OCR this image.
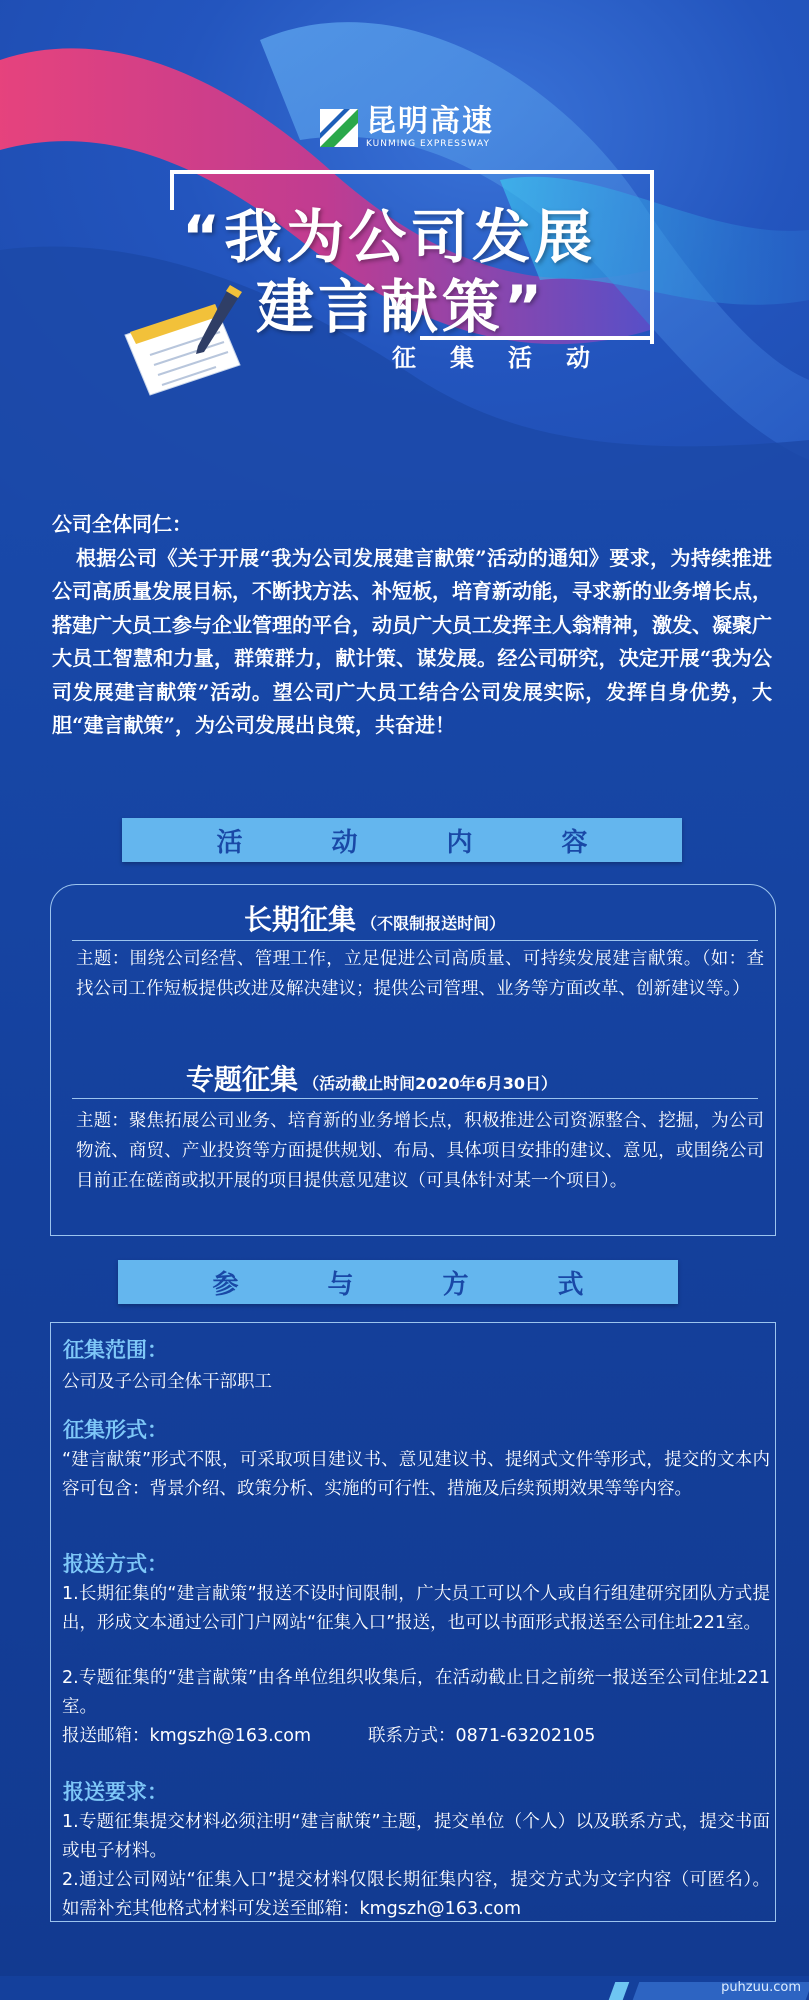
昆明高速
KUNMING EXPRESSWAY
“我为公司发展
建言献策”
征集活动

公司全体同仁：

根据公司《关于开展“我为公司发展建言献策”活动的通知》要求，为持续推进公司高质量发展目标，不断找方法、补短板，培育新动能，寻求新的业务增长点，搭建广大员工参与企业管理的平台，动员广大员工发挥主人翁精神，激发、凝聚广大员工智慧和力量，群策群力，献计策、谋发展。经公司研究，决定开展“我为公司发展建言献策”活动。望公司广大员工结合公司发展实际，发挥自身优势，大胆“建言献策”，为公司发展出良策，共奋进！

活	动	内	容
长期征集 （不限制报送时间）
主题：围绕公司经营、管理工作，立足促进公司高质量、可持续发展建言献策。（如：查找公司工作短板提供改进及解决建议；提供公司管理、业务等方面改革、创新建议等。）
专题征集 （活动截止时间2020年6月30日）
主题：聚焦拓展公司业务、培育新的业务增长点，积极推进公司资源整合、挖掘，为公司物流、商贸、产业投资等方面提供规划、布局、具体项目安排的建议、意见，或围绕公司目前正在磋商或拟开展的项目提供意见建议（可具体针对某一个项目）。
参	与	方	式
征集范围：
公司及子公司全体干部职工
征集形式：
“建言献策”形式不限，可采取项目建议书、意见建议书、提纲式文件等形式，提交的文本内容可包含：背景介绍、政策分析、实施的可行性、措施及后续预期效果等等内容。
报送方式：
1.长期征集的“建言献策”报送不设时间限制，广大员工可以个人或自行组建研究团队方式提出，形成文本通过公司门户网站“征集入口”报送，也可以书面形式报送至公司住址221室。
2.专题征集的“建言献策”由各单位组织收集后，在活动截止日之前统一报送至公司住址221室。
报送邮箱：kmgszh@163.com	联系方式：0871-63202105
报送要求：
1.专题征集提交材料必须注明“建言献策”主题，提交单位（个人）以及联系方式，提交书面或电子材料。
2.通过公司网站“征集入口”提交材料仅限长期征集内容，提交方式为文字内容（可匿名）。如需补充其他格式材料可发送至邮箱：kmgszh@163.com
puhzuu.com
